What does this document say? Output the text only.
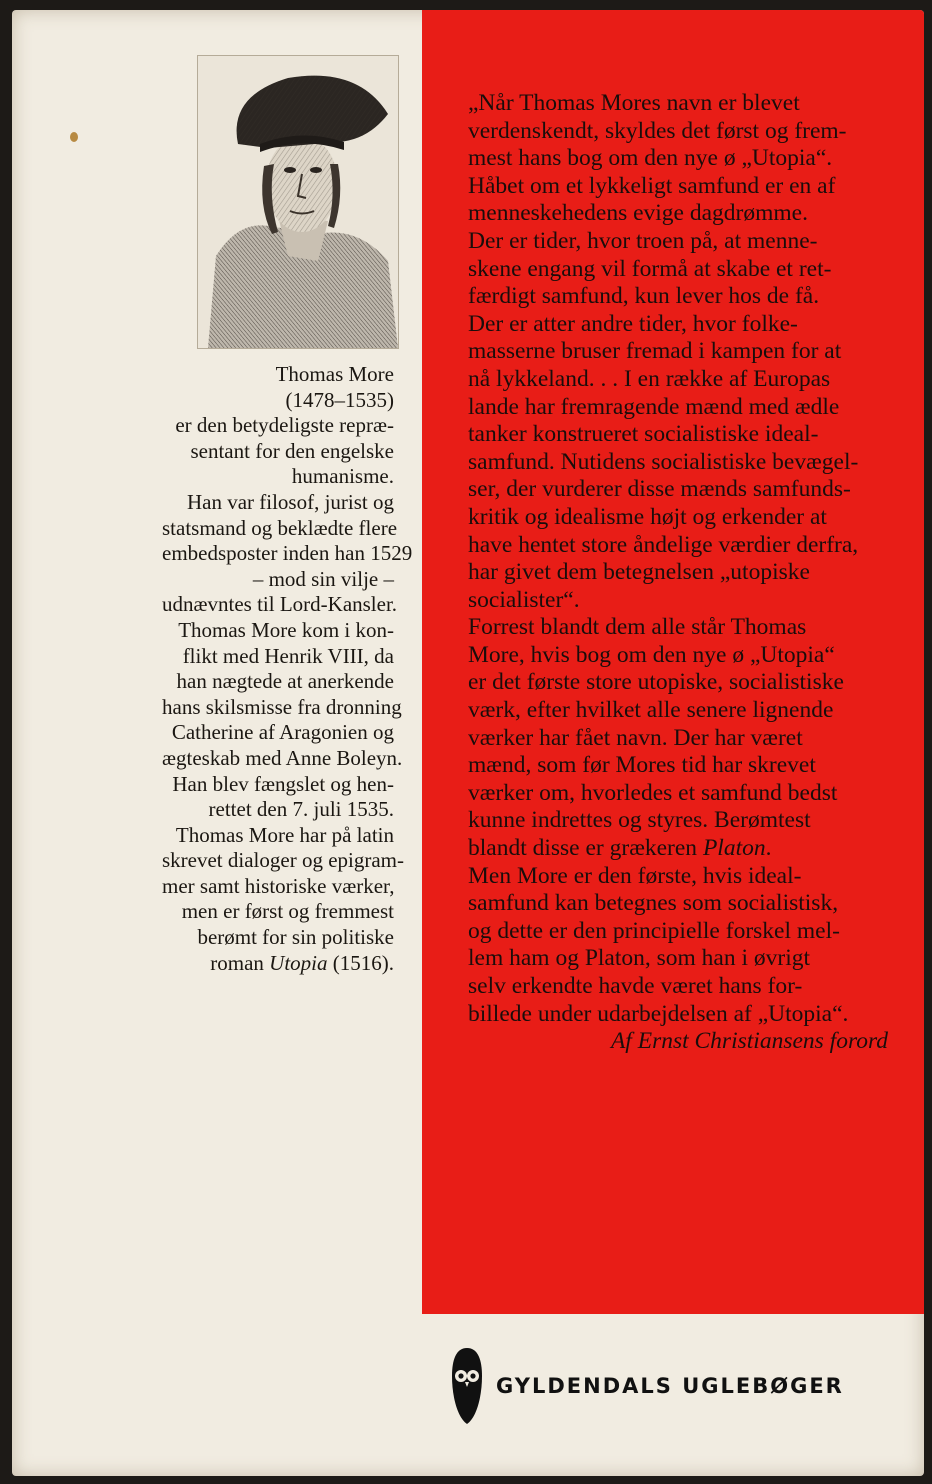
Thomas More
(1478–1535)
er den betydeligste repræ-
sentant for den engelske
humanisme.
Han var filosof, jurist og
statsmand og beklædte flere
embedsposter inden han 1529
– mod sin vilje –
udnævntes til Lord-Kansler.
Thomas More kom i kon-
flikt med Henrik VIII, da
han nægtede at anerkende
hans skilsmisse fra dronning
Catherine af Aragonien og
ægteskab med Anne Boleyn.
Han blev fængslet og hen-
rettet den 7. juli 1535.
Thomas More har på latin
skrevet dialoger og epigram-
mer samt historiske værker,
men er først og fremmest
berømt for sin politiske
roman Utopia (1516).
„Når Thomas Mores navn er blevet
verdenskendt, skyldes det først og frem-
mest hans bog om den nye ø „Utopia“.
Håbet om et lykkeligt samfund er en af
menneskehedens evige dagdrømme.
Der er tider, hvor troen på, at menne-
skene engang vil formå at skabe et ret-
færdigt samfund, kun lever hos de få.
Der er atter andre tider, hvor folke-
masserne bruser fremad i kampen for at
nå lykkeland. . . I en række af Europas
lande har fremragende mænd med ædle
tanker konstrueret socialistiske ideal-
samfund. Nutidens socialistiske bevægel-
ser, der vurderer disse mænds samfunds-
kritik og idealisme højt og erkender at
have hentet store åndelige værdier derfra,
har givet dem betegnelsen „utopiske
socialister“.
Forrest blandt dem alle står Thomas
More, hvis bog om den nye ø „Utopia“
er det første store utopiske, socialistiske
værk, efter hvilket alle senere lignende
værker har fået navn. Der har været
mænd, som før Mores tid har skrevet
værker om, hvorledes et samfund bedst
kunne indrettes og styres. Berømtest
blandt disse er grækeren Platon.
Men More er den første, hvis ideal-
samfund kan betegnes som socialistisk,
og dette er den principielle forskel mel-
lem ham og Platon, som han i øvrigt
selv erkendte havde været hans for-
billede under udarbejdelsen af „Utopia“.
Af Ernst Christiansens forord
GYLDENDALS UGLEBØGER
